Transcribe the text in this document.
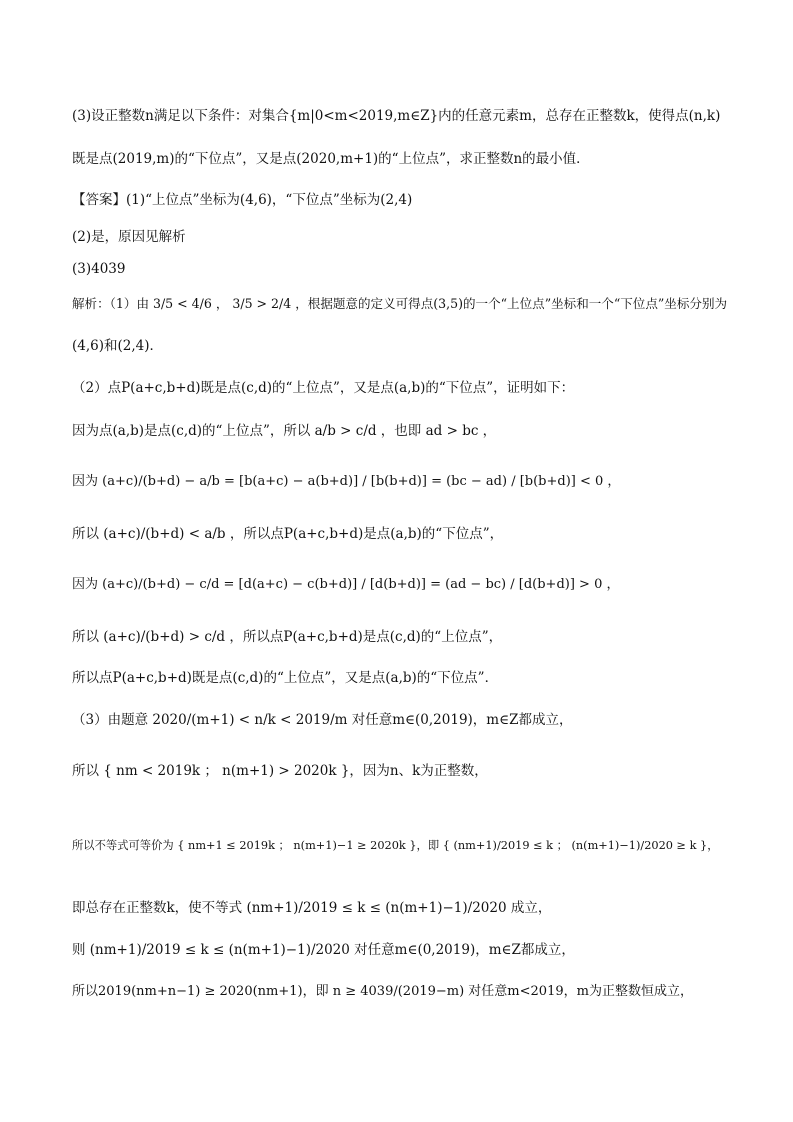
(3)设正整数n满足以下条件：对集合{m|0<m<2019,m∈Z}内的任意元素m，总存在正整数k，使得点(n,k)
既是点(2019,m)的“下位点”，又是点(2020,m+1)的“上位点”，求正整数n的最小值．
【答案】(1)“上位点”坐标为(4,6)，“下位点”坐标为(2,4)
(2)是，原因见解析
(3)4039
解析：（1）由 3/5 < 4/6 ， 3/5 > 2/4 ，根据题意的定义可得点(3,5)的一个“上位点”坐标和一个“下位点”坐标分别为
(4,6)和(2,4)．
（2）点P(a+c,b+d)既是点(c,d)的“上位点”，又是点(a,b)的“下位点”，证明如下：
因为点(a,b)是点(c,d)的“上位点”，所以 a/b > c/d ，也即 ad > bc ，
因为 (a+c)/(b+d) − a/b = [b(a+c) − a(b+d)] / [b(b+d)] = (bc − ad) / [b(b+d)] < 0 ，
所以 (a+c)/(b+d) < a/b ，所以点P(a+c,b+d)是点(a,b)的“下位点”，
因为 (a+c)/(b+d) − c/d = [d(a+c) − c(b+d)] / [d(b+d)] = (ad − bc) / [d(b+d)] > 0 ，
所以 (a+c)/(b+d) > c/d ，所以点P(a+c,b+d)是点(c,d)的“上位点”，
所以点P(a+c,b+d)既是点(c,d)的“上位点”，又是点(a,b)的“下位点”．
（3）由题意 2020/(m+1) < n/k < 2019/m 对任意m∈(0,2019)，m∈Z都成立，
所以 { nm < 2019k ； n(m+1) > 2020k }，因为n、k为正整数，
所以不等式可等价为 { nm+1 ≤ 2019k ； n(m+1)−1 ≥ 2020k }，即 { (nm+1)/2019 ≤ k ； (n(m+1)−1)/2020 ≥ k }，
即总存在正整数k，使不等式 (nm+1)/2019 ≤ k ≤ (n(m+1)−1)/2020 成立，
则 (nm+1)/2019 ≤ k ≤ (n(m+1)−1)/2020 对任意m∈(0,2019)，m∈Z都成立，
所以2019(nm+n−1) ≥ 2020(nm+1)，即 n ≥ 4039/(2019−m) 对任意m<2019，m为正整数恒成立，
